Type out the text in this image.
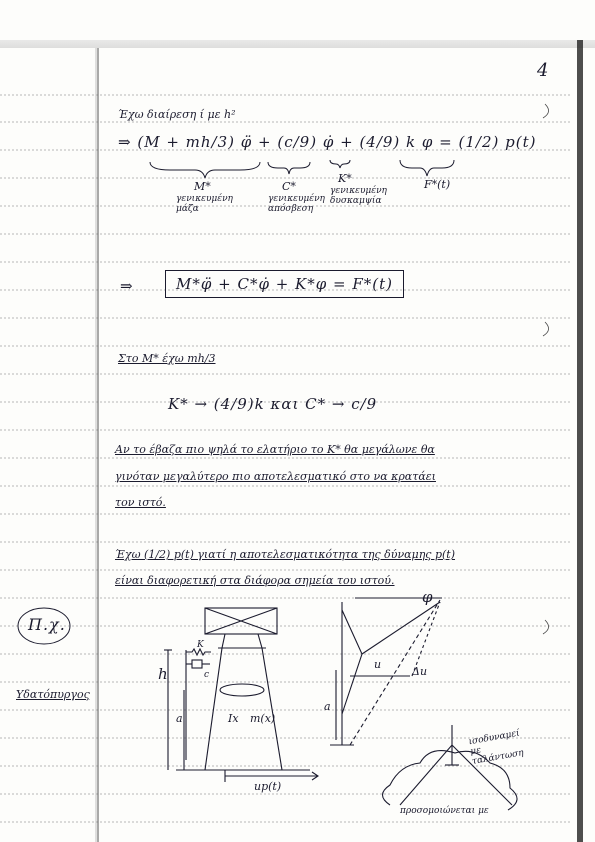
4
Έχω διαίρεση ί με h²
⇒ (M + mh/3) φ̈ + (c/9) φ̇ + (4/9) k φ = (1/2) p(t)
M*
γενικευμένη μάζα
C*
γενικευμένη απόσβεση
K*
γενικευμένη δυσκαμψία
F*(t)
⇒	M*φ̈ + C*φ̇ + K*φ = F*(t)
Στο M* έχω mh/3
K* → (4/9)k και C* → c/9
Αν το έβαζα πιο ψηλά το ελατήριο το K* θα μεγάλωνε θα
γινόταν μεγαλύτερο πιο αποτελεσματικό στο να κρατάει
τον ιστό.
Έχω (1/2) p(t) γιατί η αποτελεσματικότητα της δύναμης p(t)
είναι διαφορετική στα διάφορα σημεία του ιστού.
Π.χ.
Υδατόπυργος
h
K
c
a	Ix m(x)
up(t)
a
φ
u
Δu
ισοδυναμεί με ταλάντωση
προσομοιώνεται με
